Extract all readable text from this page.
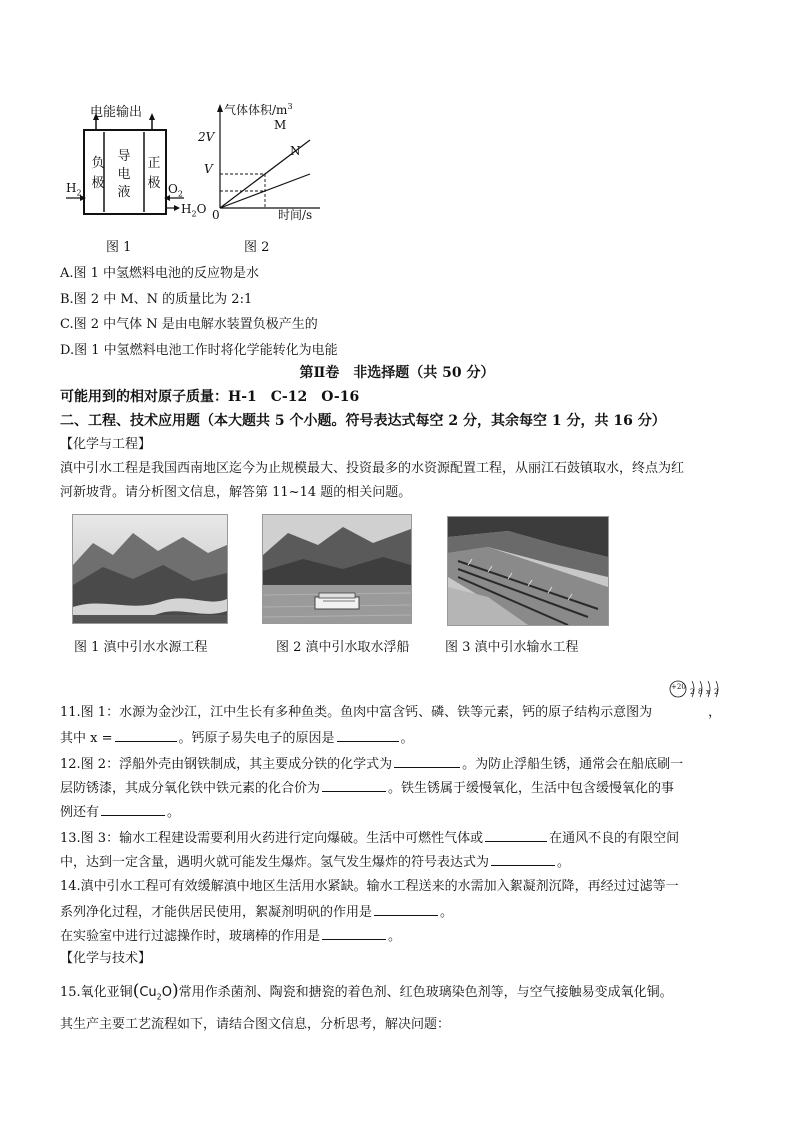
电能输出
负
极
导
电
液
正
极
$H_2$	$O_2$
$H_2O$
图 1
气体体积$/m^3$
2V
V
0	时间/s
M
N
图 2
A.图 1 中氢燃料电池的反应物是水
B.图 2 中 M、N 的质量比为 2:1
C.图 2 中气体 N 是由电解水装置负极产生的
D.图 1 中氢燃料电池工作时将化学能转化为电能
第Ⅱ卷　非选择题（共 50 分）
可能用到的相对原子质量：H-1　C-12　O-16
二、工程、技术应用题（本大题共 5 个小题。符号表达式每空 2 分，其余每空 1 分，共 16 分）
【化学与工程】
滇中引水工程是我国西南地区迄今为止规模最大、投资最多的水资源配置工程，从丽江石鼓镇取水，终点为红
河新坡背。请分析图文信息，解答第 11~14 题的相关问题。
图 1 滇中引水水源工程	图 2 滇中引水取水浮船	图 3 滇中引水输水工程
+20
2 8 x 2
11.图 1：水源为金沙江，江中生长有多种鱼类。鱼肉中富含钙、磷、铁等元素，钙的原子结构示意图为	，
其中 x =	。钙原子易失电子的原因是	。
12.图 2：浮船外壳由钢铁制成，其主要成分铁的化学式为	。为防止浮船生锈，通常会在船底刷一
层防锈漆，其成分氧化铁中铁元素的化合价为	。铁生锈属于缓慢氧化，生活中包含缓慢氧化的事
例还有	。
13.图 3：输水工程建设需要利用火药进行定向爆破。生活中可燃性气体或	在通风不良的有限空间
中，达到一定含量，遇明火就可能发生爆炸。氢气发生爆炸的符号表达式为	。
14.滇中引水工程可有效缓解滇中地区生活用水紧缺。输水工程送来的水需加入絮凝剂沉降，再经过过滤等一
系列净化过程，才能供居民使用，絮凝剂明矾的作用是	。
在实验室中进行过滤操作时，玻璃棒的作用是	。
【化学与技术】
15.氧化亚铜$(Cu_2O)$常用作杀菌剂、陶瓷和搪瓷的着色剂、红色玻璃染色剂等，与空气接触易变成氧化铜。
其生产主要工艺流程如下，请结合图文信息，分析思考，解决问题：
